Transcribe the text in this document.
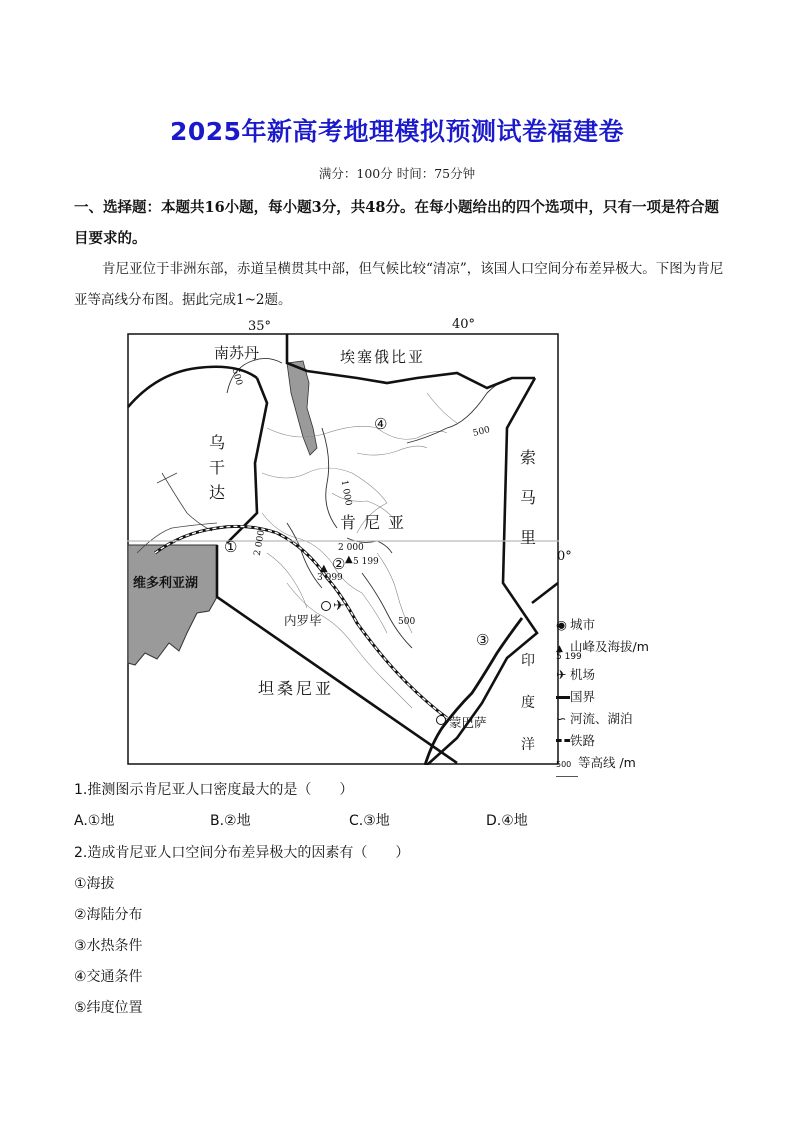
2025年新高考地理模拟预测试卷福建卷
满分：100分 时间：75分钟
一、选择题：本题共16小题，每小题3分，共48分。在每小题给出的四个选项中，只有一项是符合题目要求的。
肯尼亚位于非洲东部，赤道呈横贯其中部，但气候比较“清凉”，该国人口空间分布差异极大。下图为肯尼亚等高线分布图。据此完成1~2题。
35°	40°
0°
南苏丹	埃塞俄比亚
乌
干
达
肯尼亚
索
马
里
坦桑尼亚
维多利亚湖
印
度
洋
①
②
③
④
内罗毕
✈
蒙巴萨
500
500
1 000
2 000	2 000
500
▲ 5 199
▲
3 999
◉ 城市
▲ 山峰及海拔/m
5 199
✈ 机场
国界
∽ 河流、湖泊
铁路
500 等高线 /m
1.推测图示肯尼亚人口密度最大的是（　　）
A.①地	B.②地	C.③地	D.④地
2.造成肯尼亚人口空间分布差异极大的因素有（　　）
①海拔
②海陆分布
③水热条件
④交通条件
⑤纬度位置
